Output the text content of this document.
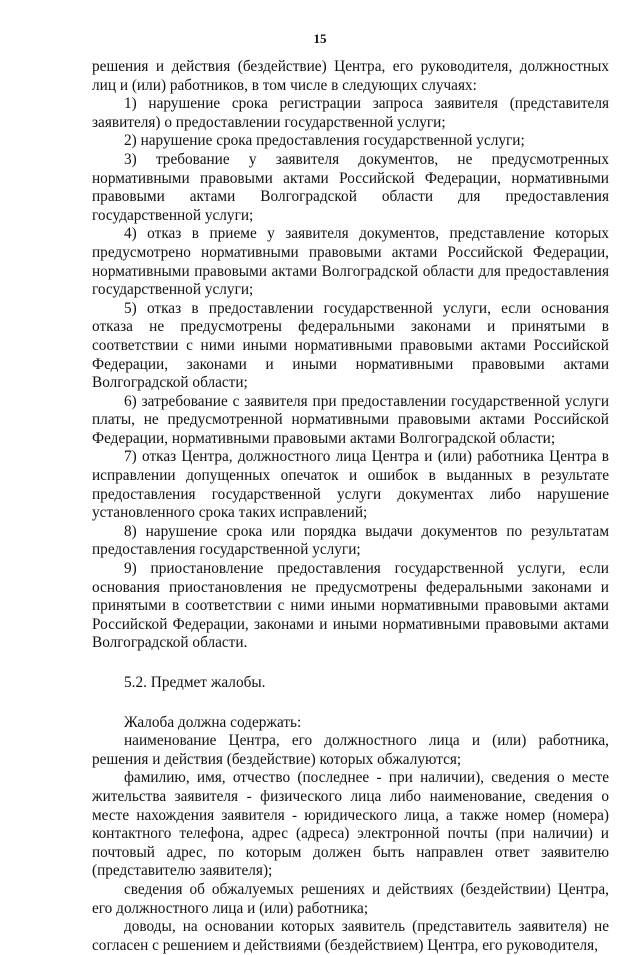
15

решения и действия (бездействие) Центра, его руководителя, должностных лиц и (или) работников, в том числе в следующих случаях:

1) нарушение срока регистрации запроса заявителя (представителя заявителя) о предоставлении государственной услуги;

2) нарушение срока предоставления государственной услуги;

3) требование у заявителя документов, не предусмотренных нормативными правовыми актами Российской Федерации, нормативными правовыми актами Волгоградской области для предоставления государственной услуги;

4) отказ в приеме у заявителя документов, представление которых предусмотрено нормативными правовыми актами Российской Федерации, нормативными правовыми актами Волгоградской области для предоставления государственной услуги;

5) отказ в предоставлении государственной услуги, если основания отказа не предусмотрены федеральными законами и принятыми в соответствии с ними иными нормативными правовыми актами Российской Федерации, законами и иными нормативными правовыми актами Волгоградской области;

6) затребование с заявителя при предоставлении государственной услуги платы, не предусмотренной нормативными правовыми актами Российской Федерации, нормативными правовыми актами Волгоградской области;

7) отказ Центра, должностного лица Центра и (или) работника Центра в исправлении допущенных опечаток и ошибок в выданных в результате предоставления государственной услуги документах либо нарушение установленного срока таких исправлений;

8) нарушение срока или порядка выдачи документов по результатам предоставления государственной услуги;

9) приостановление предоставления государственной услуги, если основания приостановления не предусмотрены федеральными законами и принятыми в соответствии с ними иными нормативными правовыми актами Российской Федерации, законами и иными нормативными правовыми актами Волгоградской области.

5.2. Предмет жалобы.

Жалоба должна содержать:

наименование Центра, его должностного лица и (или) работника, решения и действия (бездействие) которых обжалуются;

фамилию, имя, отчество (последнее - при наличии), сведения о месте жительства заявителя - физического лица либо наименование, сведения о месте нахождения заявителя - юридического лица, а также номер (номера) контактного телефона, адрес (адреса) электронной почты (при наличии) и почтовый адрес, по которым должен быть направлен ответ заявителю (представителю заявителя);

сведения об обжалуемых решениях и действиях (бездействии) Центра, его должностного лица и (или) работника;

доводы, на основании которых заявитель (представитель заявителя) не согласен с решением и действиями (бездействием) Центра, его руководителя,
